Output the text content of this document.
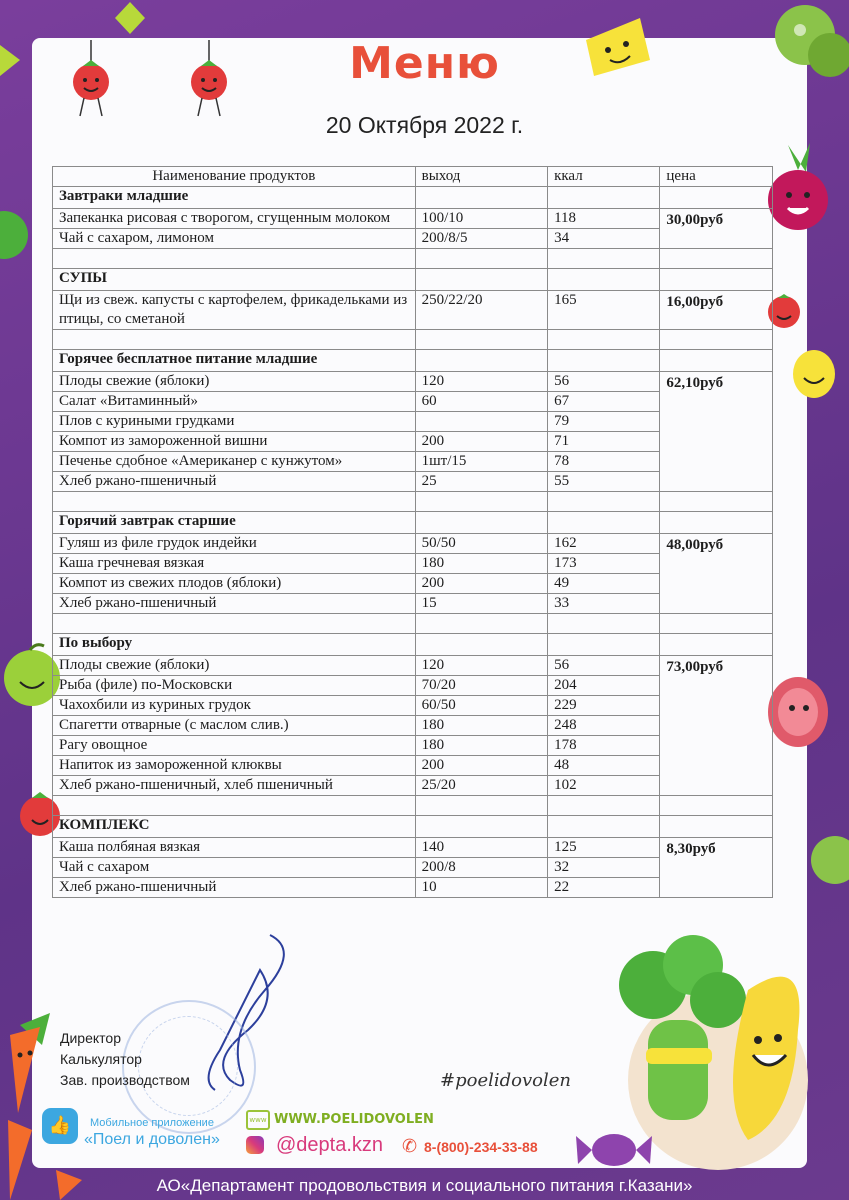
Меню
20 Октября 2022 г.
Наименование продуктов	выход	ккал	цена
Завтраки младшие			
Запеканка рисовая с творогом, сгущенным молоком	100/10	118	30,00руб
Чай с сахаром, лимоном	200/8/5	34	

СУПЫ			
Щи из свеж. капусты с картофелем, фрикадельками из птицы, со сметаной	250/22/20	165	16,00руб

Горячее бесплатное питание младшие			
Плоды свежие (яблоки)	120	56	62,10руб
Салат «Витаминный»	60	67	
Плов с куриными грудками		79	
Компот из замороженной вишни	200	71	
Печенье сдобное «Американер с кунжутом»	1шт/15	78	
Хлеб ржано-пшеничный	25	55	

Горячий завтрак старшие			
Гуляш из филе грудок индейки	50/50	162	48,00руб
Каша гречневая вязкая	180	173	
Компот из свежих плодов (яблоки)	200	49	
Хлеб ржано-пшеничный	15	33	

По выбору			
Плоды свежие (яблоки)	120	56	73,00руб
Рыба (филе) по-Московски	70/20	204	
Чахохбили из куриных грудок	60/50	229	
Спагетти отварные (с маслом слив.)	180	248	
Рагу овощное	180	178	
Напиток из замороженной клюквы	200	48	
Хлеб ржано-пшеничный, хлеб пшеничный	25/20	102	

КОМПЛЕКС			
Каша полбяная вязкая	140	125	8,30руб
Чай с сахаром	200/8	32	
Хлеб ржано-пшеничный	10	22	
Директор
Калькулятор
Зав. производством	#poelidovolen
👍	Мобильное приложение
«Поел и доволен»
www WWW.POELIDOVOLEN
@depta.kzn ✆ 8-(800)-234-33-88
АО«Департамент продовольствия и социального питания г.Казани»
